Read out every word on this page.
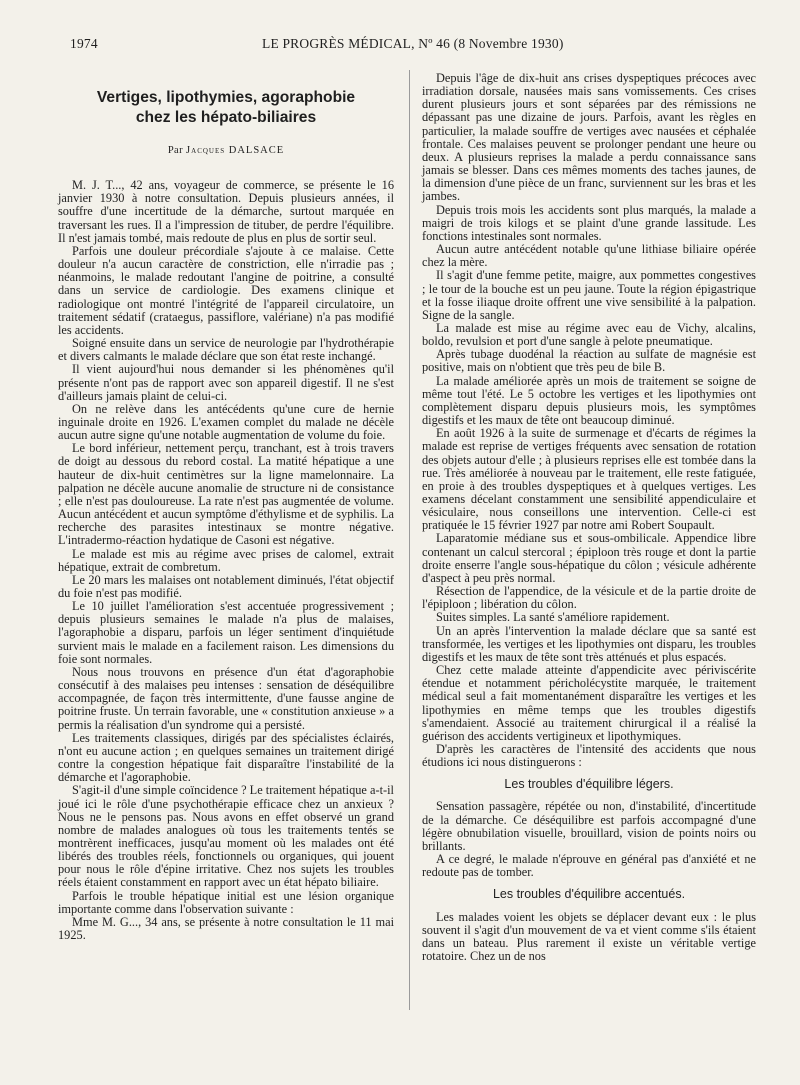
1974	LE PROGRÈS MÉDICAL, Nº 46 (8 Novembre 1930)
Vertiges, lipothymies, agoraphobie
chez les hépato-biliaires
Par Jacques DALSACE

M. J. T..., 42 ans, voyageur de commerce, se présente le 16 janvier 1930 à notre consultation. Depuis plusieurs années, il souffre d'une incertitude de la démarche, surtout marquée en traversant les rues. Il a l'impression de tituber, de perdre l'équilibre. Il n'est jamais tombé, mais redoute de plus en plus de sortir seul.

Parfois une douleur précordiale s'ajoute à ce malaise. Cette douleur n'a aucun caractère de constriction, elle n'irradie pas ; néanmoins, le malade redoutant l'angine de poitrine, a consulté dans un service de cardiologie. Des examens clinique et radiologique ont montré l'intégrité de l'appareil circulatoire, un traitement sédatif (crataegus, passiflore, valériane) n'a pas modifié les accidents.

Soigné ensuite dans un service de neurologie par l'hydrothérapie et divers calmants le malade déclare que son état reste inchangé.

Il vient aujourd'hui nous demander si les phénomènes qu'il présente n'ont pas de rapport avec son appareil digestif. Il ne s'est d'ailleurs jamais plaint de celui-ci.

On ne relève dans les antécédents qu'une cure de hernie inguinale droite en 1926. L'examen complet du malade ne décèle aucun autre signe qu'une notable augmentation de volume du foie.

Le bord inférieur, nettement perçu, tranchant, est à trois travers de doigt au dessous du rebord costal. La matité hépatique a une hauteur de dix-huit centimètres sur la ligne mamelonnaire. La palpation ne décèle aucune anomalie de structure ni de consistance ; elle n'est pas douloureuse. La rate n'est pas augmentée de volume. Aucun antécédent et aucun symptôme d'éthylisme et de syphilis. La recherche des parasites intestinaux se montre négative. L'intradermo-réaction hydatique de Casoni est négative.

Le malade est mis au régime avec prises de calomel, extrait hépatique, extrait de combretum.

Le 20 mars les malaises ont notablement diminués, l'état objectif du foie n'est pas modifié.

Le 10 juillet l'amélioration s'est accentuée progressivement ; depuis plusieurs semaines le malade n'a plus de malaises, l'agoraphobie a disparu, parfois un léger sentiment d'inquiétude survient mais le malade en a facilement raison. Les dimensions du foie sont normales.

Nous nous trouvons en présence d'un état d'agoraphobie consécutif à des malaises peu intenses : sensation de déséquilibre accompagnée, de façon très intermittente, d'une fausse angine de poitrine fruste. Un terrain favorable, une « constitution anxieuse » a permis la réalisation d'un syndrome qui a persisté.

Les traitements classiques, dirigés par des spécialistes éclairés, n'ont eu aucune action ; en quelques semaines un traitement dirigé contre la congestion hépatique fait disparaître l'instabilité de la démarche et l'agoraphobie.

S'agit-il d'une simple coïncidence ? Le traitement hépatique a-t-il joué ici le rôle d'une psychothérapie efficace chez un anxieux ? Nous ne le pensons pas. Nous avons en effet observé un grand nombre de malades analogues où tous les traitements tentés se montrèrent inefficaces, jusqu'au moment où les malades ont été libérés des troubles réels, fonctionnels ou organiques, qui jouent pour nous le rôle d'épine irritative. Chez nos sujets les troubles réels étaient constamment en rapport avec un état hépato biliaire.

Parfois le trouble hépatique initial est une lésion organique importante comme dans l'observation suivante :

Mme M. G..., 34 ans, se présente à notre consultation le 11 mai 1925.

Depuis l'âge de dix-huit ans crises dyspeptiques précoces avec irradiation dorsale, nausées mais sans vomissements. Ces crises durent plusieurs jours et sont séparées par des rémissions ne dépassant pas une dizaine de jours. Parfois, avant les règles en particulier, la malade souffre de vertiges avec nausées et céphalée frontale. Ces malaises peuvent se prolonger pendant une heure ou deux. A plusieurs reprises la malade a perdu connaissance sans jamais se blesser. Dans ces mêmes moments des taches jaunes, de la dimension d'une pièce de un franc, surviennent sur les bras et les jambes.

Depuis trois mois les accidents sont plus marqués, la malade a maigri de trois kilogs et se plaint d'une grande lassitude. Les fonctions intestinales sont normales.

Aucun autre antécédent notable qu'une lithiase biliaire opérée chez la mère.

Il s'agit d'une femme petite, maigre, aux pommettes congestives ; le tour de la bouche est un peu jaune. Toute la région épigastrique et la fosse iliaque droite offrent une vive sensibilité à la palpation. Signe de la sangle.

La malade est mise au régime avec eau de Vichy, alcalins, boldo, revulsion et port d'une sangle à pelote pneumatique.

Après tubage duodénal la réaction au sulfate de magnésie est positive, mais on n'obtient que très peu de bile B.

La malade améliorée après un mois de traitement se soigne de même tout l'été. Le 5 octobre les vertiges et les lipothymies ont complètement disparu depuis plusieurs mois, les symptômes digestifs et les maux de tête ont beaucoup diminué.

En août 1926 à la suite de surmenage et d'écarts de régimes la malade est reprise de vertiges fréquents avec sensation de rotation des objets autour d'elle ; à plusieurs reprises elle est tombée dans la rue. Très améliorée à nouveau par le traitement, elle reste fatiguée, en proie à des troubles dyspeptiques et à quelques vertiges. Les examens décelant constamment une sensibilité appendiculaire et vésiculaire, nous conseillons une intervention. Celle-ci est pratiquée le 15 février 1927 par notre ami Robert Soupault.

Laparatomie médiane sus et sous-ombilicale. Appendice libre contenant un calcul stercoral ; épiploon très rouge et dont la partie droite enserre l'angle sous-hépatique du côlon ; vésicule adhérente d'aspect à peu près normal.

Résection de l'appendice, de la vésicule et de la partie droite de l'épiploon ; libération du côlon.

Suites simples. La santé s'améliore rapidement.

Un an après l'intervention la malade déclare que sa santé est transformée, les vertiges et les lipothymies ont disparu, les troubles digestifs et les maux de tête sont très atténués et plus espacés.

Chez cette malade atteinte d'appendicite avec périviscérite étendue et notamment péricholécystite marquée, le traitement médical seul a fait momentanément disparaître les vertiges et les lipothymies en même temps que les troubles digestifs s'amendaient. Associé au traitement chirurgical il a réalisé la guérison des accidents vertigineux et lipothymiques.

D'après les caractères de l'intensité des accidents que nous étudions ici nous distinguerons :

Les troubles d'équilibre légers.

Sensation passagère, répétée ou non, d'instabilité, d'incertitude de la démarche. Ce déséquilibre est parfois accompagné d'une légère obnubilation visuelle, brouillard, vision de points noirs ou brillants.

A ce degré, le malade n'éprouve en général pas d'anxiété et ne redoute pas de tomber.

Les troubles d'équilibre accentués.

Les malades voient les objets se déplacer devant eux : le plus souvent il s'agit d'un mouvement de va et vient comme s'ils étaient dans un bateau. Plus rarement il existe un véritable vertige rotatoire. Chez un de nos
